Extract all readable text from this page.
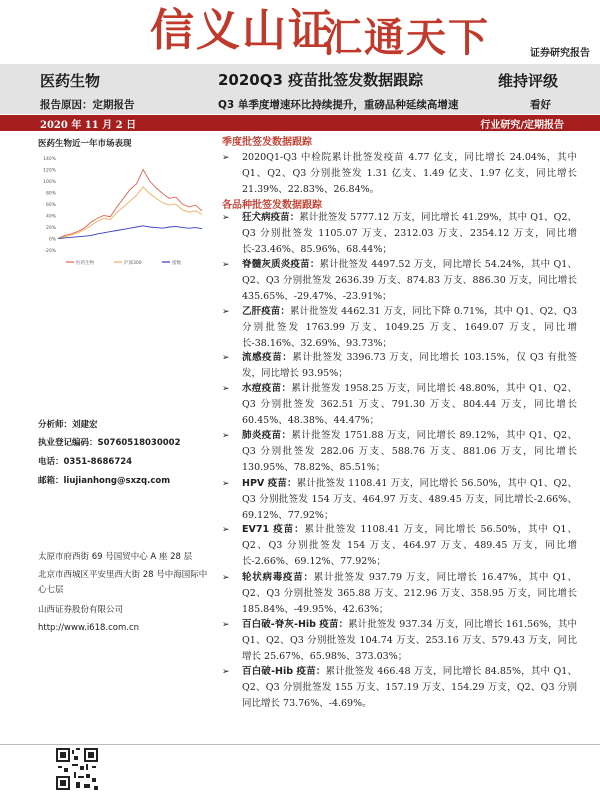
信义山证
汇通天下	证券研究报告
医药生物	2020Q3 疫苗批签发数据跟踪	维持评级
报告原因：定期报告	Q3 单季度增速环比持续提升，重磅品种延续高增速	看好
2020 年 11 月 2 日	行业研究/定期报告
医药生物近一年市场表现
140%
120%
100%
80%
60%
40%
20%
0%
-20%
医药生物	沪深300	指数
分析师：刘建宏
执业登记编码：S0760518030002
电话：0351-8686724
邮箱：liujianhong@sxzq.com
太原市府西街 69 号国贸中心 A 座 28 层
北京市西城区平安里西大街 28 号中海国际中心七层
山西证券股份有限公司
http://www.i618.com.cn
季度批签发数据跟踪
➢ 2020Q1-Q3 中检院累计批签发疫苗 4.77 亿支，同比增长 24.04%，其中 Q1、Q2、Q3 分别批签发 1.31 亿支、1.49 亿支、1.97 亿支，同比增长 21.39%、22.83%、26.84%。
各品种批签发数据跟踪
➢ 狂犬病疫苗：累计批签发 5777.12 万支，同比增长 41.29%，其中 Q1、Q2、Q3 分别批签发 1105.07 万支、2312.03 万支、2354.12 万支，同比增长-23.46%、85.96%、68.44%；
➢ 脊髓灰质炎疫苗：累计批签发 4497.52 万支，同比增长 54.24%，其中 Q1、Q2、Q3 分别批签发 2636.39 万支、874.83 万支、886.30 万支，同比增长 435.65%、-29.47%、-23.91%；
➢ 乙肝疫苗：累计批签发 4462.31 万支，同比下降 0.71%，其中 Q1、Q2、Q3 分别批签发 1763.99 万支、1049.25 万支、1649.07 万支，同比增长-38.16%、32.69%、93.73%；
➢ 流感疫苗：累计批签发 3396.73 万支，同比增长 103.15%，仅 Q3 有批签发，同比增长 93.95%；
➢ 水痘疫苗：累计批签发 1958.25 万支，同比增长 48.80%，其中 Q1、Q2、Q3 分别批签发 362.51 万支、791.30 万支、804.44 万支，同比增长 60.45%、48.38%、44.47%；
➢ 肺炎疫苗：累计批签发 1751.88 万支，同比增长 89.12%，其中 Q1、Q2、Q3 分别批签发 282.06 万支、588.76 万支、881.06 万支，同比增长 130.95%、78.82%、85.51%；
➢ HPV 疫苗：累计批签发 1108.41 万支，同比增长 56.50%，其中 Q1、Q2、Q3 分别批签发 154 万支、464.97 万支、489.45 万支，同比增长-2.66%、69.12%、77.92%；
➢ EV71 疫苗：累计批签发 1108.41 万支，同比增长 56.50%，其中 Q1、Q2、Q3 分别批签发 154 万支、464.97 万支、489.45 万支，同比增长-2.66%、69.12%、77.92%；
➢ 轮状病毒疫苗：累计批签发 937.79 万支，同比增长 16.47%，其中 Q1、Q2、Q3 分别批签发 365.88 万支、212.96 万支、358.95 万支，同比增长 185.84%、-49.95%、42.63%；
➢ 百白破-脊灰-Hib 疫苗：累计批签发 937.34 万支，同比增长 161.56%，其中 Q1、Q2、Q3 分别批签发 104.74 万支、253.16 万支、579.43 万支，同比增长 25.67%、65.98%、373.03%；
➢ 百白破-Hib 疫苗：累计批签发 466.48 万支，同比增长 84.85%，其中 Q1、Q2、Q3 分别批签发 155 万支、157.19 万支、154.29 万支，Q2、Q3 分别同比增长 73.76%、-4.69%。
